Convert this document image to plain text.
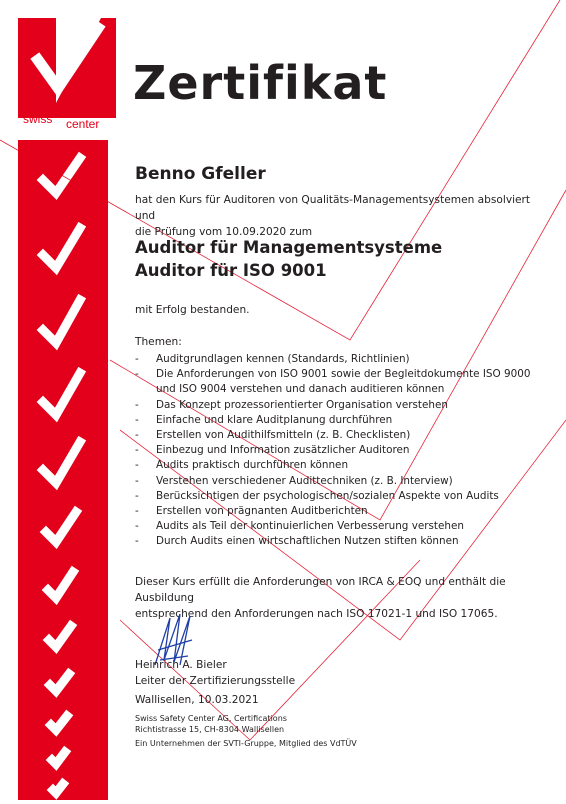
swiss
safety
center
Zertifikat
Benno Gfeller
hat den Kurs für Auditoren von Qualitäts-Managementsystemen absolviert und
die Prüfung vom 10.09.2020 zum
Auditor für Managementsysteme
Auditor für ISO 9001
mit Erfolg bestanden.
Themen:
- Auditgrundlagen kennen (Standards, Richtlinien)
- Die Anforderungen von ISO 9001 sowie der Begleitdokumente ISO 9000 und ISO 9004 verstehen und danach auditieren können
- Das Konzept prozessorientierter Organisation verstehen
- Einfache und klare Auditplanung durchführen
- Erstellen von Audithilfsmitteln (z. B. Checklisten)
- Einbezug und Information zusätzlicher Auditoren
- Audits praktisch durchführen können
- Verstehen verschiedener Audittechniken (z. B. Interview)
- Berücksichtigen der psychologischen/sozialen Aspekte von Audits
- Erstellen von prägnanten Auditberichten
- Audits als Teil der kontinuierlichen Verbesserung verstehen
- Durch Audits einen wirtschaftlichen Nutzen stiften können
Dieser Kurs erfüllt die Anforderungen von IRCA & EOQ und enthält die Ausbildung
entsprechend den Anforderungen nach ISO 17021-1 und ISO 17065.
Heinrich A. Bieler
Leiter der Zertifizierungsstelle
Wallisellen, 10.03.2021
Swiss Safety Center AG, Certifications
Richtistrasse 15, CH-8304 Wallisellen
Ein Unternehmen der SVTI-Gruppe, Mitglied des VdTÜV
